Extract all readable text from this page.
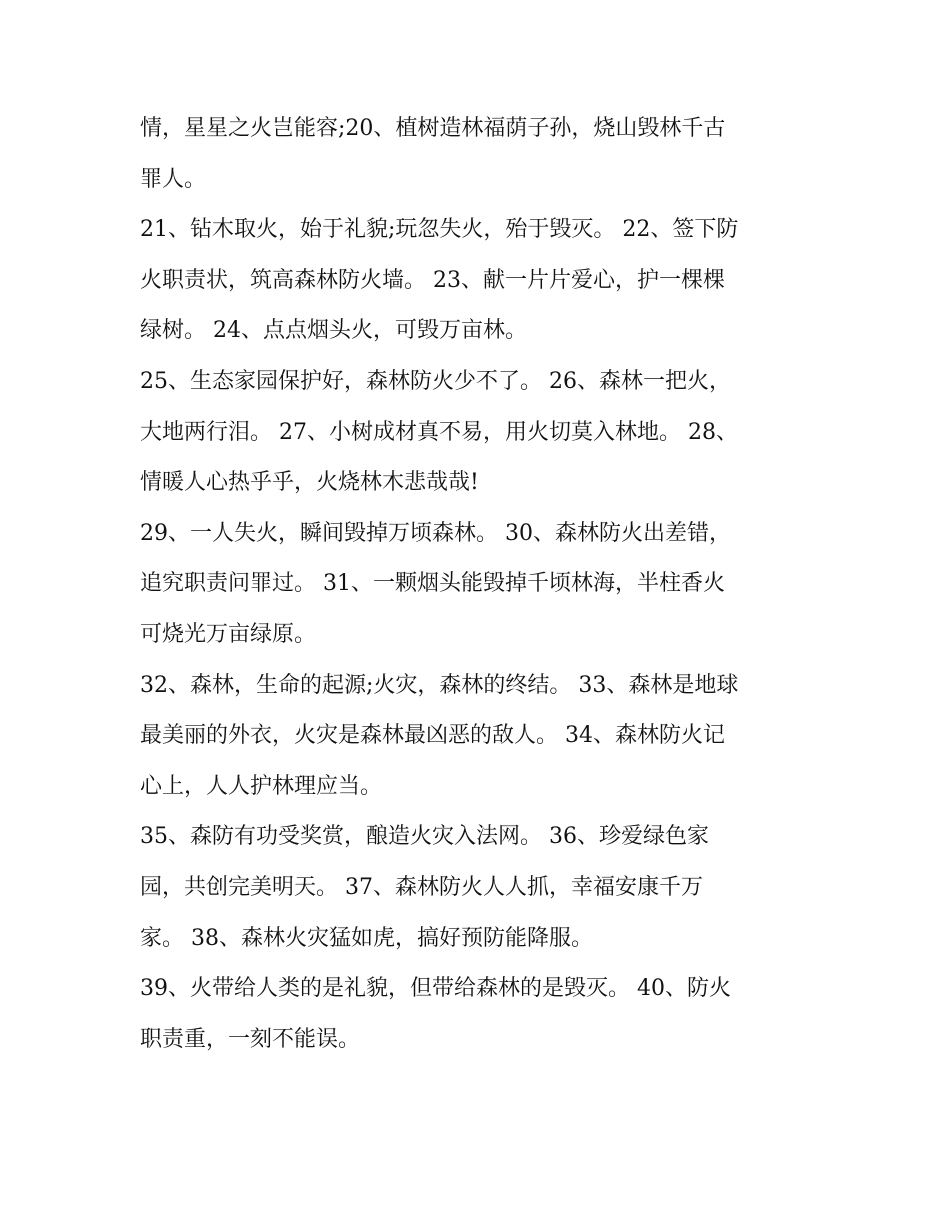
情，星星之火岂能容;20、植树造林福荫子孙，烧山毁林千古
罪人。

21、钻木取火，始于礼貌;玩忽失火，殆于毁灭。 22、签下防
火职责状，筑高森林防火墙。 23、献一片片爱心，护一棵棵
绿树。 24、点点烟头火，可毁万亩林。

25、生态家园保护好，森林防火少不了。 26、森林一把火，
大地两行泪。 27、小树成材真不易，用火切莫入林地。 28、
情暖人心热乎乎，火烧林木悲哉哉!

29、一人失火，瞬间毁掉万顷森林。 30、森林防火出差错，
追究职责问罪过。 31、一颗烟头能毁掉千顷林海，半柱香火
可烧光万亩绿原。

32、森林，生命的起源;火灾，森林的终结。 33、森林是地球
最美丽的外衣，火灾是森林最凶恶的敌人。 34、森林防火记
心上，人人护林理应当。

35、森防有功受奖赏，酿造火灾入法网。 36、珍爱绿色家
园，共创完美明天。 37、森林防火人人抓，幸福安康千万
家。 38、森林火灾猛如虎，搞好预防能降服。

39、火带给人类的是礼貌，但带给森林的是毁灭。 40、防火
职责重，一刻不能误。
